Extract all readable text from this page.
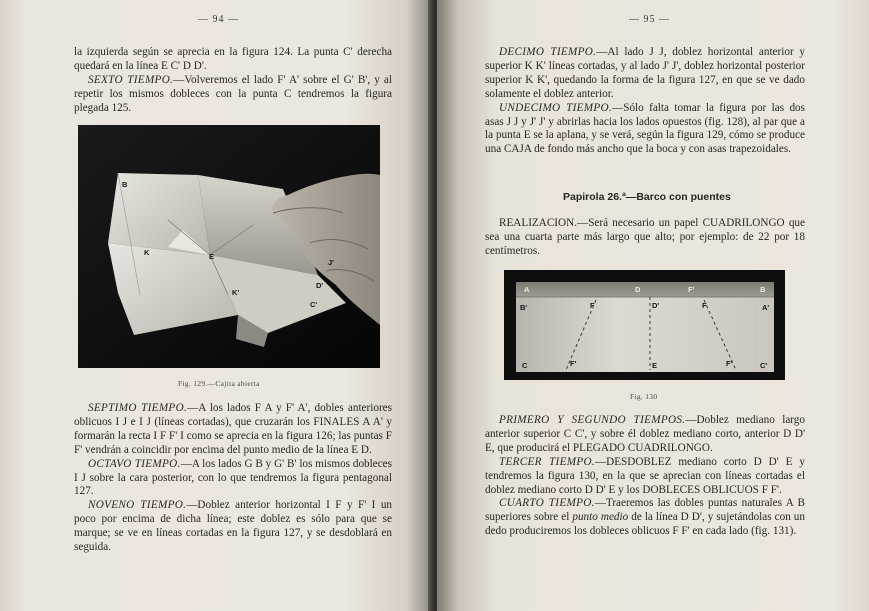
— 94 —

la izquierda según se aprecia en la figura 124. La punta C' derecha quedará en la línea E C' D D'.

SEXTO TIEMPO.—Volveremos el lado F' A' sobre el G' B', y al repetir los mismos dobleces con la punta C tendremos la figura plegada 125.

B
E
K
K'
J'
D'
C'
Fig. 129.—Cajita abierta

SEPTIMO TIEMPO.—A los lados F A y F' A', dobles anteriores oblicuos I J e I J (líneas cortadas), que cruzarán los FINALES A A' y formarán la recta I F F' I como se aprecia en la figura 126; las puntas F F' vendrán a coincidir por encima del punto medio de la línea E D.

OCTAVO TIEMPO.—A los lados G B y G' B' los mismos dobleces I J sobre la cara posterior, con lo que tendremos la figura pentagonal 127.

NOVENO TIEMPO.—Doblez anterior horizontal I F y F' I un poco por encima de dicha línea; este doblez es sólo para que se marque; se ve en líneas cortadas en la figura 127, y se desdoblará en seguida.

— 95 —

DECIMO TIEMPO.—Al lado J J, doblez horizontal anterior y superior K K' líneas cortadas, y al lado J' J', doblez horizontal posterior superior K K', quedando la forma de la figura 127, en que se ve dado solamente el doblez anterior.

UNDECIMO TIEMPO.—Sólo falta tomar la figura por las dos asas J J y J' J' y abrirlas hacia los lados opuestos (fig. 128), al par que a la punta E se la aplana, y se verá, según la figura 129, cómo se produce una CAJA de fondo más ancho que la boca y con asas trapezoidales.

Papirola 26.ª—Barco con puentes

REALIZACION.—Será necesario un papel CUADRILONGO que sea una cuarta parte más largo que alto; por ejemplo: de 22 por 18 centímetros.

A	D	F'	B
B'	F	D'	F	A'
C	F'	E	F'	C'
Fig. 130

PRIMERO Y SEGUNDO TIEMPOS.—Doblez mediano largo anterior superior C C', y sobre él doblez mediano corto, anterior D D' E, que producirá el PLEGADO CUADRILONGO.

TERCER TIEMPO.—DESDOBLEZ mediano corto D D' E y tendremos la figura 130, en la que se aprecian con líneas cortadas el doblez mediano corto D D' E y los DOBLECES OBLICUOS F F'.

CUARTO TIEMPO.—Traeremos las dobles puntas naturales A B superiores sobre el punto medio de la línea D D', y sujetándolas con un dedo produciremos los dobleces oblicuos F F' en cada lado (fig. 131).
